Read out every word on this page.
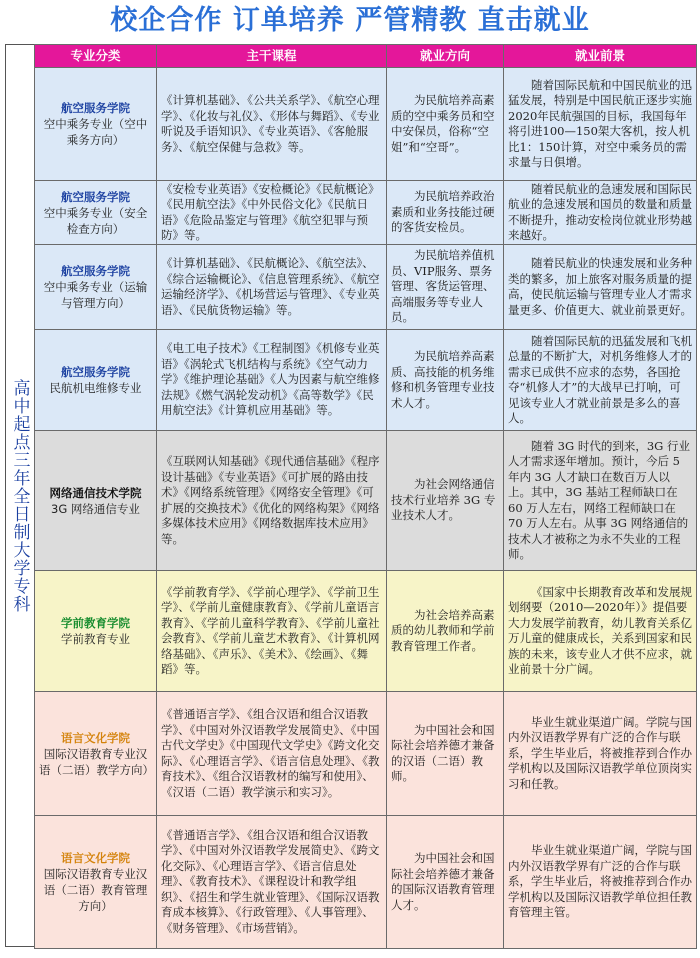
校企合作 订单培养 严管精教 直击就业
高中起点三年全日制大学专科
专业分类	主干课程	就业方向	就业前景

航空服务学院
空中乘务专业（空中乘务方向）	《计算机基础》、《公共关系学》、《航空心理学》、《化妆与礼仪》、《形体与舞蹈》、《专业听说及手语知识》、《专业英语》、《客舱服务》、《航空保健与急救》等。	为民航培养高素质的空中乘务员和空中安保员，俗称“空姐”和“空哥”。	随着国际民航和中国民航业的迅猛发展，特别是中国民航正逐步实施2020年民航强国的目标，我国每年将引进100—150架大客机，按人机比1：150计算，对空中乘务员的需求量与日俱增。

航空服务学院
空中乘务专业（安全检查方向）	《安检专业英语》《安检概论》《民航概论》《民用航空法》《中外民俗文化》《民航日语》《危险品鉴定与管理》《航空犯罪与预防》等。	为民航培养政治素质和业务技能过硬的客货安检员。	随着民航业的急速发展和国际民航业的急速发展和国员的数量和质量不断提升，推动安检岗位就业形势越来越好。

航空服务学院
空中乘务专业（运输与管理方向）	《计算机基础》、《民航概论》、《航空法》、《综合运输概论》、《信息管理系统》、《航空运输经济学》、《机场营运与管理》、《专业英语》、《民航货物运输》等。	为民航培养值机员、VIP服务、票务管理、客货运管理、高端服务等专业人员。	随着民航业的快速发展和业务种类的繁多，加上旅客对服务质量的提高，使民航运输与管理专业人才需求量更多、价值更大、就业前景更好。

航空服务学院
民航机电维修专业	《电工电子技术》《工程制图》《机修专业英语》《涡轮式飞机结构与系统》《空气动力学》《维护理论基础》《人为因素与航空维修法规》《燃气涡轮发动机》《高等数学》《民用航空法》《计算机应用基础》等。	为民航培养高素质、高技能的机务维修和机务管理专业技术人才。	随着国际民航的迅猛发展和飞机总量的不断扩大，对机务维修人才的需求已成供不应求的态势，各国抢夺“机修人才”的大战早已打响，可见该专业人才就业前景是多么的喜人。

网络通信技术学院
3G 网络通信专业	《互联网认知基础》《现代通信基础》《程序设计基础》《专业英语》《可扩展的路由技术》《网络系统管理》《网络安全管理》《可扩展的交换技术》《优化的网络构架》《网络多媒体技术应用》《网络数据库技术应用》等。	为社会网络通信技术行业培养 3G 专业技术人才。	随着 3G 时代的到来，3G 行业人才需求逐年增加。预计，今后 5 年内 3G 人才缺口在数百万人以上。其中，3G 基站工程师缺口在 60 万人左右，网络工程师缺口在 70 万人左右。从事 3G 网络通信的技术人才被称之为永不失业的工程师。

学前教育学院
学前教育专业	《学前教育学》、《学前心理学》、《学前卫生学》、《学前儿童健康教育》、《学前儿童语言教育》、《学前儿童科学教育》、《学前儿童社会教育》、《学前儿童艺术教育》、《计算机网络基础》、《声乐》、《美术》、《绘画》、《舞蹈》等。	为社会培养高素质的幼儿教师和学前教育管理工作者。	《国家中长期教育改革和发展规划纲要（2010—2020年）》提倡要大力发展学前教育，幼儿教育关系亿万儿童的健康成长，关系到国家和民族的未来，该专业人才供不应求，就业前景十分广阔。

语言文化学院
国际汉语教育专业汉语（二语）教学方向）	《普通语言学》、《组合汉语和组合汉语教学》、《中国对外汉语教学发展简史》、《中国古代文学史》《中国现代文学史》《跨文化交际》、《心理语言学》、《语言信息处理》、《教育技术》、《组合汉语教材的编写和使用》、《汉语（二语）教学演示和实习》。	为中国社会和国际社会培养德才兼备的汉语（二语）教师。	毕业生就业渠道广阔。学院与国内外汉语教学界有广泛的合作与联系，学生毕业后，将被推荐到合作办学机构以及国际汉语教学单位顶岗实习和任教。

语言文化学院
国际汉语教育专业汉语（二语）教育管理方向）	《普通语言学》、《组合汉语和组合汉语教学》、《中国对外汉语教学发展简史》、《跨文化交际》、《心理语言学》、《语言信息处理》、《教育技术》、《课程设计和教学组织》、《招生和学生就业管理》、《国际汉语教育成本核算》、《行政管理》、《人事管理》、《财务管理》、《市场营销》。	为中国社会和国际社会培养德才兼备的国际汉语教育管理人才。	毕业生就业渠道广阔，学院与国内外汉语教学界有广泛的合作与联系，学生毕业后，将被推荐到合作办学机构以及国际汉语教学单位担任教育管理主管。
